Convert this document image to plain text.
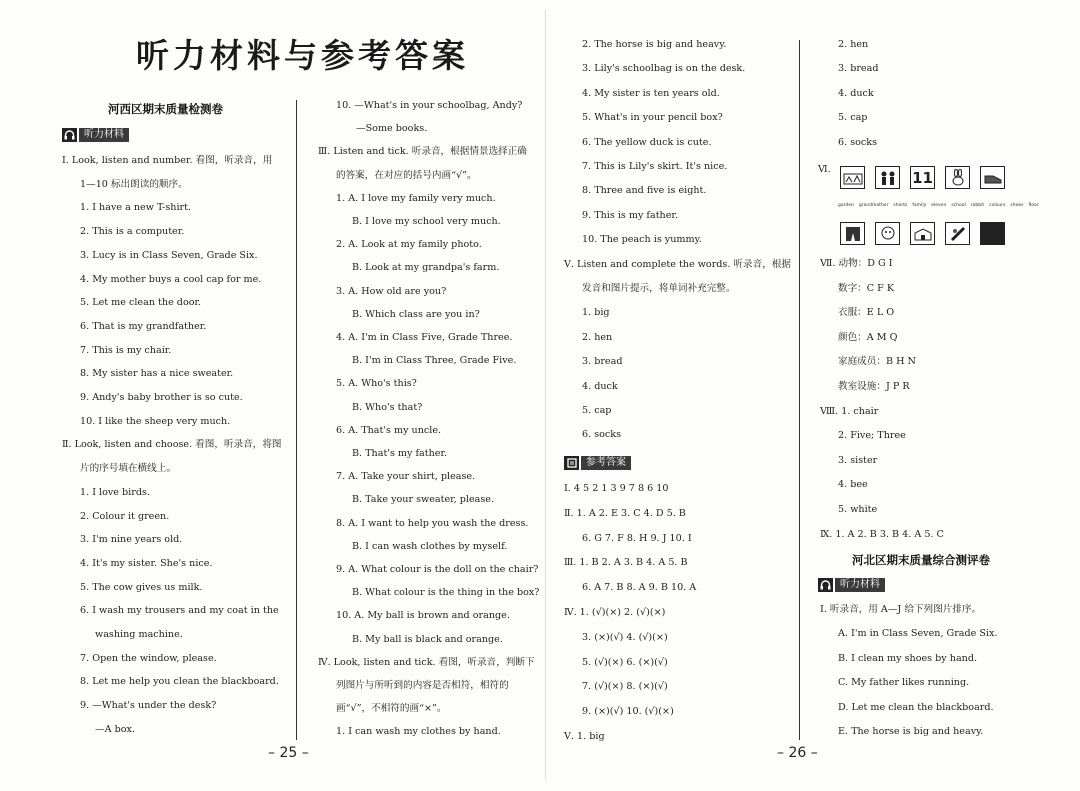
听力材料与参考答案
河西区期末质量检测卷
听力材料
Ⅰ. Look, listen and number. 看图，听录音，用
1—10 标出朗读的顺序。
1. I have a new T-shirt.
2. This is a computer.
3. Lucy is in Class Seven, Grade Six.
4. My mother buys a cool cap for me.
5. Let me clean the door.
6. That is my grandfather.
7. This is my chair.
8. My sister has a nice sweater.
9. Andy's baby brother is so cute.
10. I like the sheep very much.
Ⅱ. Look, listen and choose. 看图，听录音，将图
片的序号填在横线上。
1. I love birds.
2. Colour it green.
3. I'm nine years old.
4. It's my sister. She's nice.
5. The cow gives us milk.
6. I wash my trousers and my coat in the
washing machine.
7. Open the window, please.
8. Let me help you clean the blackboard.
9. —What's under the desk?
—A box.
10. —What's in your schoolbag, Andy?
—Some books.
Ⅲ. Listen and tick. 听录音，根据情景选择正确
的答案，在对应的括号内画“√”。
1. A. I love my family very much.
B. I love my school very much.
2. A. Look at my family photo.
B. Look at my grandpa's farm.
3. A. How old are you?
B. Which class are you in?
4. A. I'm in Class Five, Grade Three.
B. I'm in Class Three, Grade Five.
5. A. Who's this?
B. Who's that?
6. A. That's my uncle.
B. That's my father.
7. A. Take your shirt, please.
B. Take your sweater, please.
8. A. I want to help you wash the dress.
B. I can wash clothes by myself.
9. A. What colour is the doll on the chair?
B. What colour is the thing in the box?
10. A. My ball is brown and orange.
B. My ball is black and orange.
Ⅳ. Look, listen and tick. 看图，听录音，判断下
列图片与所听到的内容是否相符，相符的
画“√”，不相符的画“×”。
1. I can wash my clothes by hand.
2. The horse is big and heavy.
3. Lily's schoolbag is on the desk.
4. My sister is ten years old.
5. What's in your pencil box?
6. The yellow duck is cute.
7. This is Lily's skirt. It's nice.
8. Three and five is eight.
9. This is my father.
10. The peach is yummy.
Ⅴ. Listen and complete the words. 听录音，根据
发音和图片提示，将单词补充完整。
1. big
2. hen
3. bread
4. duck
5. cap
6. socks
参考答案
Ⅰ. 4 5 2 1 3 9 7 8 6 10
Ⅱ. 1. A 2. E 3. C 4. D 5. B
6. G 7. F 8. H 9. J 10. I
Ⅲ. 1. B 2. A 3. B 4. A 5. B
6. A 7. B 8. A 9. B 10. A
Ⅳ. 1. (√)(×) 2. (√)(×)
3. (×)(√) 4. (√)(×)
5. (√)(×) 6. (×)(√)
7. (√)(×) 8. (×)(√)
9. (×)(√) 10. (√)(×)
Ⅴ. 1. big
2. hen
3. bread
4. duck
5. cap
6. socks
Ⅵ.	11
garden grandmother shorts family eleven school rabbit colours shoes floor
Ⅶ. 动物：D G I
数字：C F K
衣服：E L O
颜色：A M Q
家庭成员：B H N
教室设施：J P R
Ⅷ. 1. chair
2. Five; Three
3. sister
4. bee
5. white
Ⅸ. 1. A 2. B 3. B 4. A 5. C
河北区期末质量综合测评卷
听力材料
Ⅰ. 听录音，用 A—J 给下列图片排序。
A. I'm in Class Seven, Grade Six.
B. I clean my shoes by hand.
C. My father likes running.
D. Let me clean the blackboard.
E. The horse is big and heavy.
– 25 –	– 26 –
